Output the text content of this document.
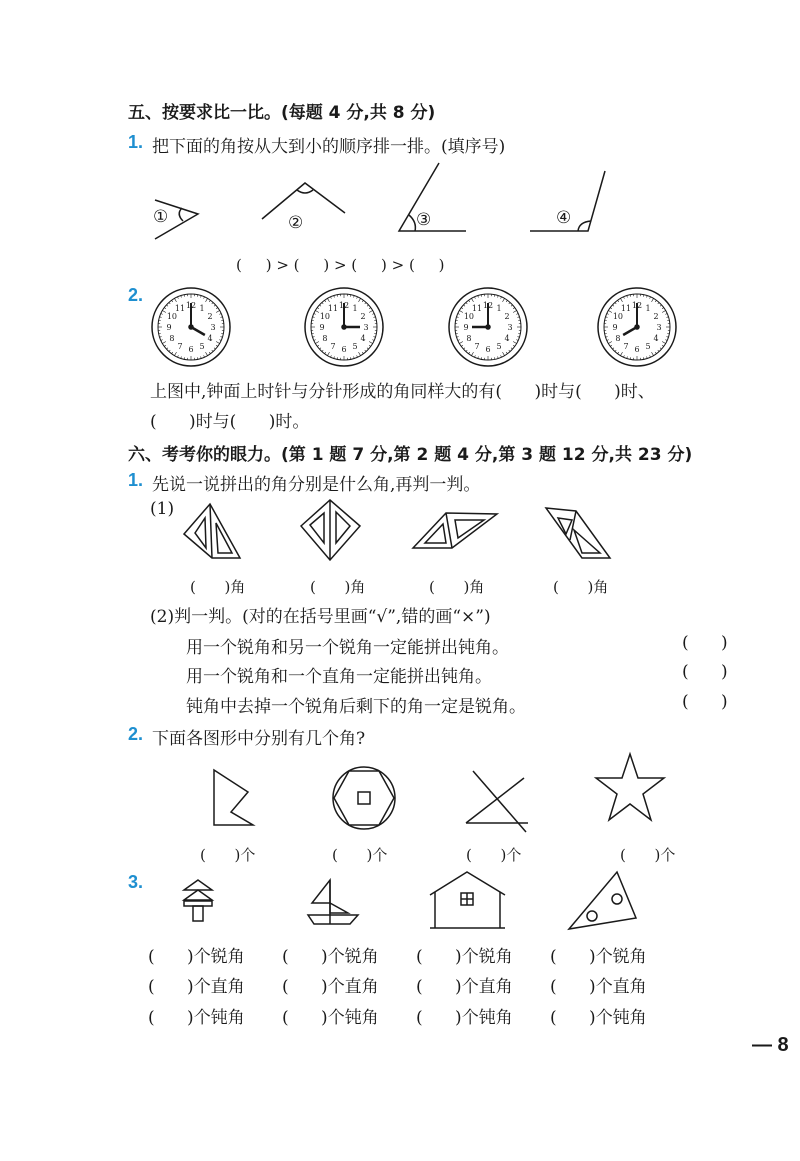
五、按要求比一比。(每题 4 分,共 8 分)
1. 把下面的角按从大到小的顺序排一排。(填序号)
①	②	③	④
(     ) > (     ) > (     ) > (     )
2.
12 1
2
3
4
5
6
7
8
9
10
11	12 1
2
3
4
5
6
7
8
9
10
11	12 1
2
3
4
5
6
7
8
9
10
11	12 1
2
3
4
5
6
7
8
9
10
11
上图中,钟面上时针与分针形成的角同样大的有(      )时与(      )时、
(      )时与(      )时。
六、考考你的眼力。(第 1 题 7 分,第 2 题 4 分,第 3 题 12 分,共 23 分)
1. 先说一说拼出的角分别是什么角,再判一判。
(1)
(      )角	(      )角	(      )角	(      )角
(2)判一判。(对的在括号里画“√”,错的画“×”)
用一个锐角和另一个锐角一定能拼出钝角。	(      )
用一个锐角和一个直角一定能拼出钝角。	(      )
钝角中去掉一个锐角后剩下的角一定是锐角。	(      )
2. 下面各图形中分别有几个角?
(      )个	(      )个	(      )个	(      )个
3.
(      )个锐角 (      )个锐角 (      )个锐角 (      )个锐角
(      )个直角 (      )个直角 (      )个直角 (      )个直角
(      )个钝角 (      )个钝角 (      )个钝角 (      )个钝角
— 8
